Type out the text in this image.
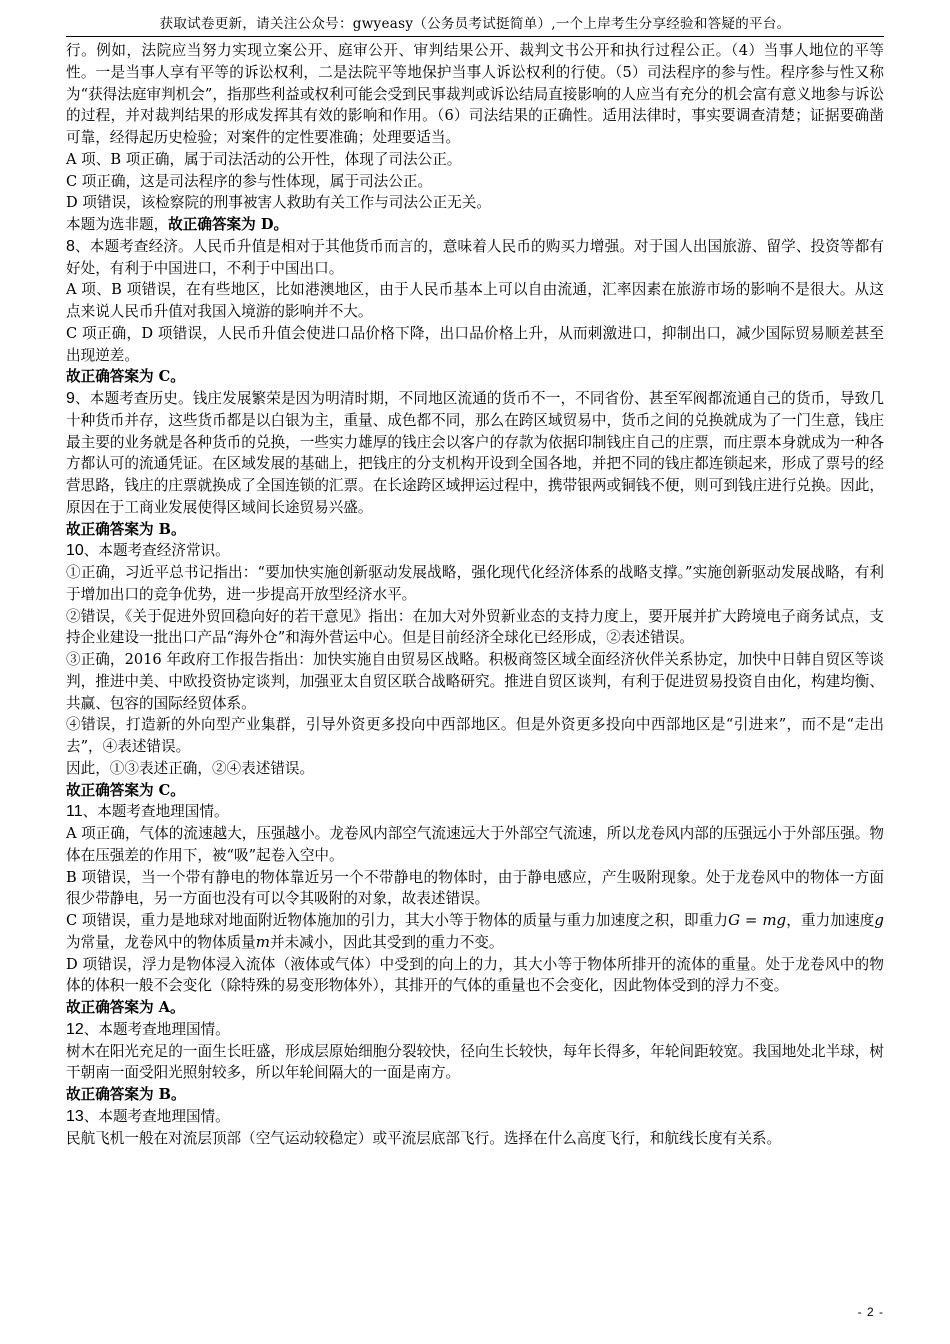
获取试卷更新，请关注公众号：gwyeasy（公务员考试挺简单）,一个上岸考生分享经验和答疑的平台。

行。例如，法院应当努力实现立案公开、庭审公开、审判结果公开、裁判文书公开和执行过程公正。（4）当事人地位的平等性。一是当事人享有平等的诉讼权利，二是法院平等地保护当事人诉讼权利的行使。（5）司法程序的参与性。程序参与性又称为“获得法庭审判机会”，指那些利益或权利可能会受到民事裁判或诉讼结局直接影响的人应当有充分的机会富有意义地参与诉讼的过程，并对裁判结果的形成发挥其有效的影响和作用。（6）司法结果的正确性。适用法律时，事实要调查清楚；证据要确凿可靠，经得起历史检验；对案件的定性要准确；处理要适当。

A 项、B 项正确，属于司法活动的公开性，体现了司法公正。

C 项正确，这是司法程序的参与性体现，属于司法公正。

D 项错误，该检察院的刑事被害人救助有关工作与司法公正无关。

本题为选非题，故正确答案为 D。

8、本题考查经济。人民币升值是相对于其他货币而言的，意味着人民币的购买力增强。对于国人出国旅游、留学、投资等都有好处，有利于中国进口，不利于中国出口。

A 项、B 项错误，在有些地区，比如港澳地区，由于人民币基本上可以自由流通，汇率因素在旅游市场的影响不是很大。从这点来说人民币升值对我国入境游的影响并不大。

C 项正确，D 项错误，人民币升值会使进口品价格下降，出口品价格上升，从而刺激进口，抑制出口，减少国际贸易顺差甚至出现逆差。

故正确答案为 C。

9、本题考查历史。钱庄发展繁荣是因为明清时期，不同地区流通的货币不一，不同省份、甚至军阀都流通自己的货币，导致几十种货币并存，这些货币都是以白银为主，重量、成色都不同，那么在跨区域贸易中，货币之间的兑换就成为了一门生意，钱庄最主要的业务就是各种货币的兑换，一些实力雄厚的钱庄会以客户的存款为依据印制钱庄自己的庄票，而庄票本身就成为一种各方都认可的流通凭证。在区域发展的基础上，把钱庄的分支机构开设到全国各地，并把不同的钱庄都连锁起来，形成了票号的经营思路，钱庄的庄票就换成了全国连锁的汇票。在长途跨区域押运过程中，携带银两或铜钱不便，则可到钱庄进行兑换。因此，原因在于工商业发展使得区域间长途贸易兴盛。

故正确答案为 B。

10、本题考查经济常识。

①正确，习近平总书记指出：“要加快实施创新驱动发展战略，强化现代化经济体系的战略支撑。”实施创新驱动发展战略，有利于增加出口的竞争优势，进一步提高开放型经济水平。

②错误，《关于促进外贸回稳向好的若干意见》指出：在加大对外贸新业态的支持力度上，要开展并扩大跨境电子商务试点，支持企业建设一批出口产品“海外仓”和海外营运中心。但是目前经济全球化已经形成，②表述错误。

③正确，2016 年政府工作报告指出：加快实施自由贸易区战略。积极商签区域全面经济伙伴关系协定，加快中日韩自贸区等谈判，推进中美、中欧投资协定谈判，加强亚太自贸区联合战略研究。推进自贸区谈判，有利于促进贸易投资自由化，构建均衡、共赢、包容的国际经贸体系。

④错误，打造新的外向型产业集群，引导外资更多投向中西部地区。但是外资更多投向中西部地区是“引进来”，而不是“走出去”，④表述错误。

因此，①③表述正确，②④表述错误。

故正确答案为 C。

11、本题考查地理国情。

A 项正确，气体的流速越大，压强越小。龙卷风内部空气流速远大于外部空气流速，所以龙卷风内部的压强远小于外部压强。物体在压强差的作用下，被“吸”起卷入空中。

B 项错误，当一个带有静电的物体靠近另一个不带静电的物体时，由于静电感应，产生吸附现象。处于龙卷风中的物体一方面很少带静电，另一方面也没有可以令其吸附的对象，故表述错误。

C 项错误，重力是地球对地面附近物体施加的引力，其大小等于物体的质量与重力加速度之积，即重力G = mg，重力加速度g为常量，龙卷风中的物体质量m并未减小，因此其受到的重力不变。

D 项错误，浮力是物体浸入流体（液体或气体）中受到的向上的力，其大小等于物体所排开的流体的重量。处于龙卷风中的物体的体积一般不会变化（除特殊的易变形物体外），其排开的气体的重量也不会变化，因此物体受到的浮力不变。

故正确答案为 A。

12、本题考查地理国情。

树木在阳光充足的一面生长旺盛，形成层原始细胞分裂较快，径向生长较快，每年长得多，年轮间距较宽。我国地处北半球，树干朝南一面受阳光照射较多，所以年轮间隔大的一面是南方。

故正确答案为 B。

13、本题考查地理国情。

民航飞机一般在对流层顶部（空气运动较稳定）或平流层底部飞行。选择在什么高度飞行，和航线长度有关系。

- 2 -
